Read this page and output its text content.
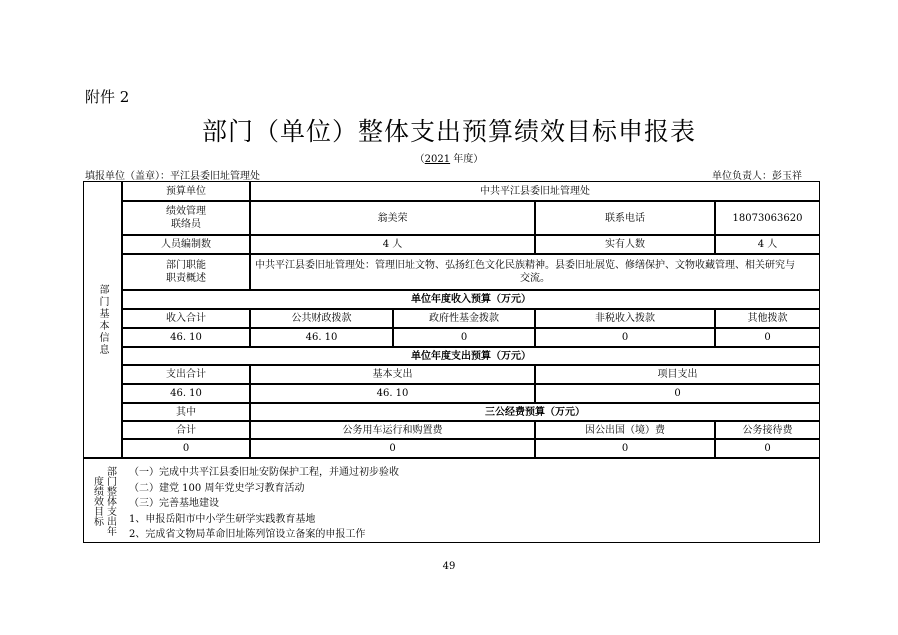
附件 2
部门（单位）整体支出预算绩效目标申报表
（2021 年度）
填报单位（盖章）：平江县委旧址管理处	单位负责人：彭玉祥
部门基本信息
预算单位	中共平江县委旧址管理处
绩效管理
联络员
翁美荣	联系电话	18073063620
人员编制数	4 人	实有人数	4 人
部门职能
职责概述
中共平江县委旧址管理处：管理旧址文物、弘扬红色文化民族精神。县委旧址展览、修缮保护、文物收藏管理、相关研究与
交流。
单位年度收入预算（万元）
收入合计	公共财政拨款	政府性基金拨款	非税收入拨款	其他拨款
46. 10	46. 10	0	0	0
单位年度支出预算（万元）
支出合计	基本支出	项目支出
46. 10	46. 10	0
其中	三公经费预算（万元）
合计	公务用车运行和购置费	因公出国（境）费	公务接待费
0	0	0	0
部门整体支出年度绩效目标
（一）完成中共平江县委旧址安防保护工程，并通过初步验收
（二）建党 100 周年党史学习教育活动
（三）完善基地建设
1、申报岳阳市中小学生研学实践教育基地
2、完成省文物局革命旧址陈列馆设立备案的申报工作
49
